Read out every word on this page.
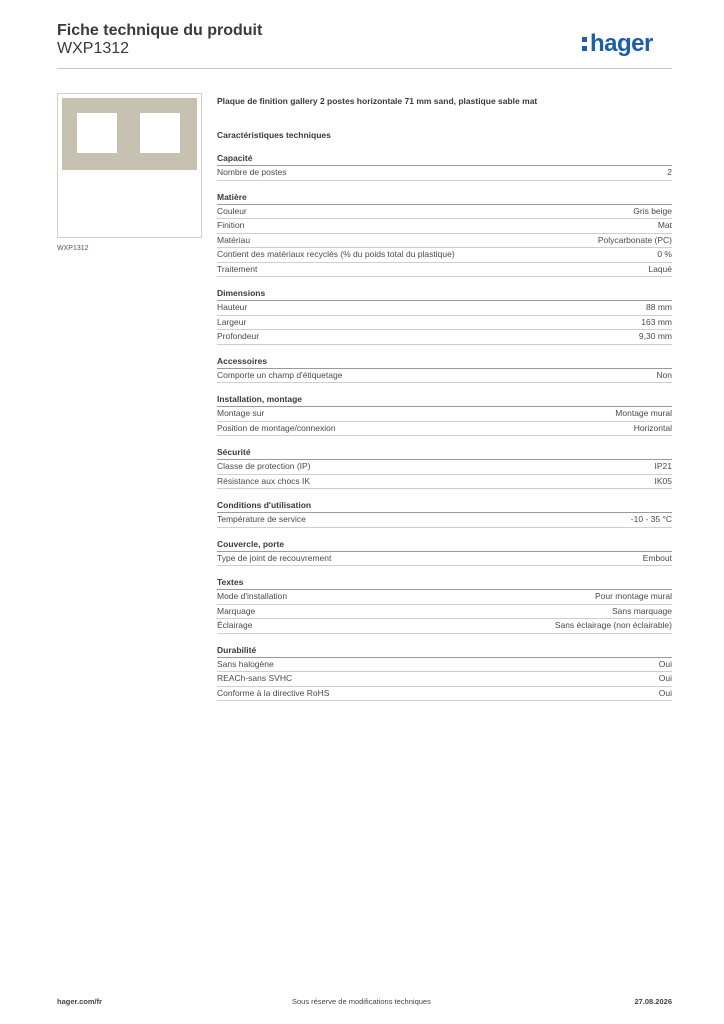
Fiche technique du produit
WXP1312	hager
WXP1312
Plaque de finition gallery 2 postes horizontale 71 mm sand, plastique sable mat
Caractéristiques techniques
Capacité
Nombre de postes	2
Matière
Couleur	Gris beige
Finition	Mat
Matériau	Polycarbonate (PC)
Contient des matériaux recyclés (% du poids total du plastique)	0 %
Traitement	Laqué
Dimensions
Hauteur	88 mm
Largeur	163 mm
Profondeur	9,30 mm
Accessoires
Comporte un champ d'étiquetage	Non
Installation, montage
Montage sur	Montage mural
Position de montage/connexion	Horizontal
Sécurité
Classe de protection (IP)	IP21
Résistance aux chocs IK	IK05
Conditions d'utilisation
Température de service	-10 - 35 °C
Couvercle, porte
Type de joint de recouvrement	Embout
Textes
Mode d'installation	Pour montage mural
Marquage	Sans marquage
Éclairage	Sans éclairage (non éclairable)
Durabilité
Sans halogène	Oui
REACh-sans SVHC	Oui
Conforme à la directive RoHS	Oui
hager.com/fr	Sous réserve de modifications techniques	27.08.2026
